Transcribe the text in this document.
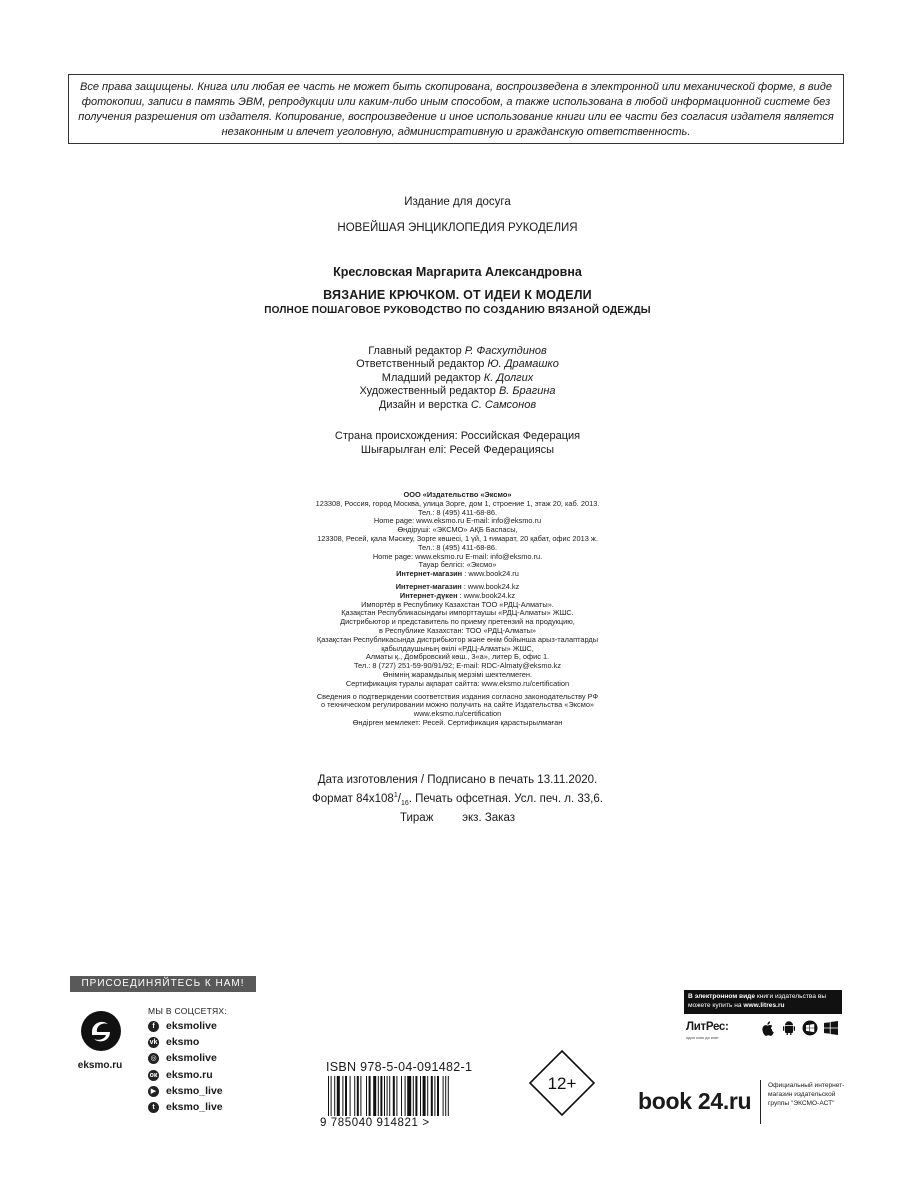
Все права защищены. Книга или любая ее часть не может быть скопирована, воспроизведена в электронной или механической форме, в виде фотокопии, записи в память ЭВМ, репродукции или каким-либо иным способом, а также использована в любой информационной системе без получения разрешения от издателя. Копирование, воспроизведение и иное использование книги или ее части без согласия издателя является незаконным и влечет уголовную, административную и гражданскую ответственность.
Издание для досуга
НОВЕЙШАЯ ЭНЦИКЛОПЕДИЯ РУКОДЕЛИЯ
Кресловская Маргарита Александровна
ВЯЗАНИЕ КРЮЧКОМ. ОТ ИДЕИ К МОДЕЛИ
ПОЛНОЕ ПОШАГОВОЕ РУКОВОДСТВО ПО СОЗДАНИЮ ВЯЗАНОЙ ОДЕЖДЫ
Главный редактор Р. Фасхутдинов
Ответственный редактор Ю. Драмашко
Младший редактор К. Долгих
Художественный редактор В. Брагина
Дизайн и верстка С. Самсонов
Страна происхождения: Российская Федерация
Шығарылған елі: Ресей Федерациясы
ООО «Издательство «Эксмо»
123308, Россия, город Москва, улица Зорге, дом 1, строение 1, этаж 20, каб. 2013.
Тел.: 8 (495) 411-68-86.
Home page: www.eksmo.ru E-mail: info@eksmo.ru
Өндіруші: «ЭКСМО» АҚБ Баспасы,
123308, Ресей, қала Мәскеу, Зорге көшесі, 1 үй, 1 ғимарат, 20 қабат, офис 2013 ж.
Тел.: 8 (495) 411-68-86.
Home page: www.eksmo.ru E-mail: info@eksmo.ru.
Тауар белгісі: «Эксмо»
Интернет-магазин : www.book24.ru
Интернет-магазин : www.book24.kz
Интернет-дүкен : www.book24.kz
Импортёр в Республику Казахстан ТОО «РДЦ-Алматы».
Қазақстан Республикасындағы импорттаушы «РДЦ-Алматы» ЖШС.
Дистрибьютор и представитель по приему претензий на продукцию,
в Республике Казахстан: ТОО «РДЦ-Алматы»
Қазақстан Республикасында дистрибьютор және өнім бойынша арыз-талаптарды
қабылдаушының өкілі «РДЦ-Алматы» ЖШС,
Алматы қ., Домбровский көш., 3«а», литер Б, офис 1.
Тел.: 8 (727) 251-59-90/91/92; E-mail: RDC-Almaty@eksmo.kz
Өнімнің жарамдылық мерзімі шектелмеген.
Сертификация туралы ақпарат сайтта: www.eksmo.ru/certification
Сведения о подтверждении соответствия издания согласно законодательству РФ
о техническом регулировании можно получить на сайте Издательства «Эксмо»
www.eksmo.ru/certification
Өндірген мемлекет: Ресей. Сертификация қарастырылмаған
Дата изготовления / Подписано в печать 13.11.2020.
Формат $84x108^1/_{16}$. Печать офсетная. Усл. печ. л. 33,6.
Тираж         экз. Заказ
ПРИСОЕДИНЯЙТЕСЬ К НАМ!
eksmo.ru
МЫ В СОЦСЕТЯХ:
f	eksmolive
vk eksmo
◎ eksmolive
ок eksmo.ru
▶ eksmo_live
t	eksmo_live
ISBN 978-5-04-091482-1
9 785040 914821 >
12+
В электронном виде книги издательства вы можете купить на www.litres.ru
ЛитРес:
один клик до книг
book 24.ru
Официальный интернет-магазин издательской группы "ЭКСМО-АСТ"
